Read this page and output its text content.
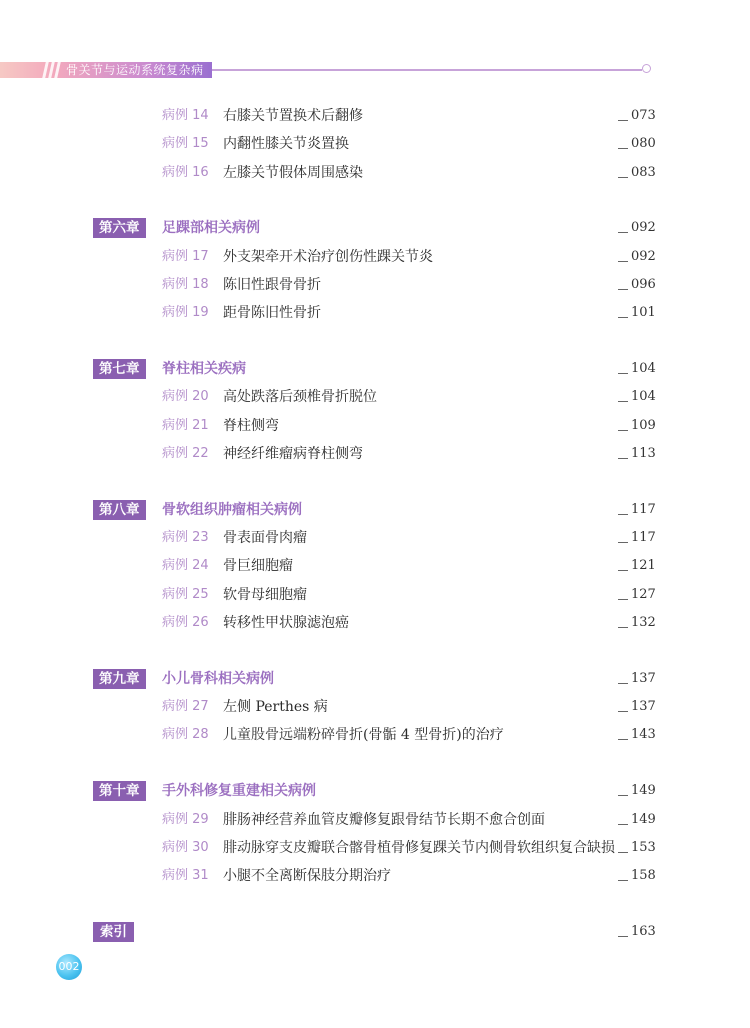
骨关节与运动系统复杂病
病例 14 右膝关节置换术后翻修	073
病例 15 内翻性膝关节炎置换	080
病例 16 左膝关节假体周围感染	083
第六章	足踝部相关病例	092
病例 17 外支架牵开术治疗创伤性踝关节炎	092
病例 18 陈旧性跟骨骨折	096
病例 19 距骨陈旧性骨折	101
第七章	脊柱相关疾病	104
病例 20 高处跌落后颈椎骨折脱位	104
病例 21 脊柱侧弯	109
病例 22 神经纤维瘤病脊柱侧弯	113
第八章	骨软组织肿瘤相关病例	117
病例 23 骨表面骨肉瘤	117
病例 24 骨巨细胞瘤	121
病例 25 软骨母细胞瘤	127
病例 26 转移性甲状腺滤泡癌	132
第九章	小儿骨科相关病例	137
病例 27 左侧 Perthes 病	137
病例 28 儿童股骨远端粉碎骨折(骨骺 4 型骨折)的治疗	143
第十章	手外科修复重建相关病例	149
病例 29 腓肠神经营养血管皮瓣修复跟骨结节长期不愈合创面	149
病例 30 腓动脉穿支皮瓣联合髂骨植骨修复踝关节内侧骨软组织复合缺损 153
病例 31 小腿不全离断保肢分期治疗	158
索引	163
002
